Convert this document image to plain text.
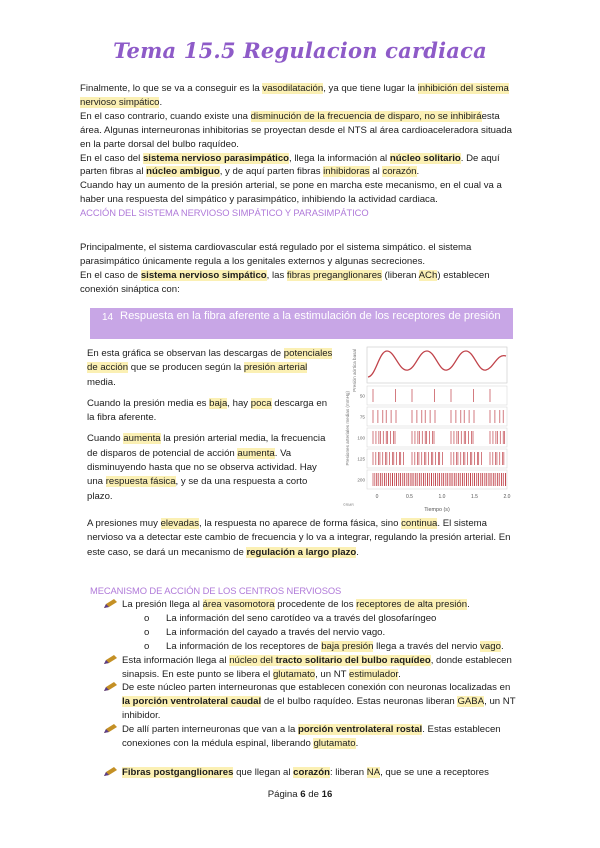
Tema 15.5 Regulacion cardiaca
Finalmente, lo que se va a conseguir es la vasodilatación, ya que tiene lugar la inhibición del sistema nervioso simpático.
En el caso contrario, cuando existe una disminución de la frecuencia de disparo, no se inhibiráesta área. Algunas interneuronas inhibitorias se proyectan desde el NTS al área cardioaceleradora situada en la parte dorsal del bulbo raquídeo.
En el caso del sistema nervioso parasimpático, llega la información al núcleo solitario. De aquí parten fibras al núcleo ambiguo, y de aquí parten fibras inhibidoras al corazón.
Cuando hay un aumento de la presión arterial, se pone en marcha este mecanismo, en el cual va a haber una respuesta del simpático y parasimpático, inhibiendo la actividad cardiaca.
ACCIÓN DEL SISTEMA NERVIOSO SIMPÁTICO Y PARASIMPÁTICO
Principalmente, el sistema cardiovascular está regulado por el sistema simpático. el sistema parasimpático únicamente regula a los genitales externos y algunas secreciones.
En el caso de sistema nervioso simpático, las fibras preganglionares (liberan ACh) establecen conexión sináptica con:
14 Respuesta en la fibra aferente a la estimulación de los receptores de presión
En esta gráfica se observan las descargas de potenciales de acción que se producen según la presión arterial media.
Cuando la presión media es baja, hay poca descarga en la fibra aferente.
Cuando aumenta la presión arterial media, la frecuencia de disparos de potencial de acción aumenta. Va disminuyendo hasta que no se observa actividad. Hay una respuesta fásica, y se da una respuesta a corto plazo.
A presiones muy elevadas, la respuesta no aparece de forma fásica, sino continua. El sistema nervioso va a detectar este cambio de frecuencia y lo va a integrar, regulando la presión arterial. En este caso, se dará un mecanismo de regulación a largo plazo.
Presión aórtica basal
Presiones arteriales medias (mmHg) 50
75
100
125
200
0	0.5	1.0	1.5	2.0
Tiempo (s)
©RMR
MECANISMO DE ACCIÓN DE LOS CENTROS NERVIOSOS
La presión llega al área vasomotora procedente de los receptores de alta presión.
o La información del seno carotídeo va a través del glosofaríngeo
o La información del cayado a través del nervio vago.
o La información de los receptores de baja presión llega a través del nervio vago.
Esta información llega al núcleo del tracto solitario del bulbo raquídeo, donde establecen sinapsis. En este punto se libera el glutamato, un NT estimulador.
De este núcleo parten interneuronas que establecen conexión con neuronas localizadas en la porción ventrolateral caudal de el bulbo raquídeo. Estas neuronas liberan GABA, un NT inhibidor.
De allí parten interneuronas que van a la porción ventrolateral rostal. Estas establecen conexiones con la médula espinal, liberando glutamato.
Fibras postganglionares que llegan al corazón: liberan NA, que se une a receptores
Página 6 de 16
